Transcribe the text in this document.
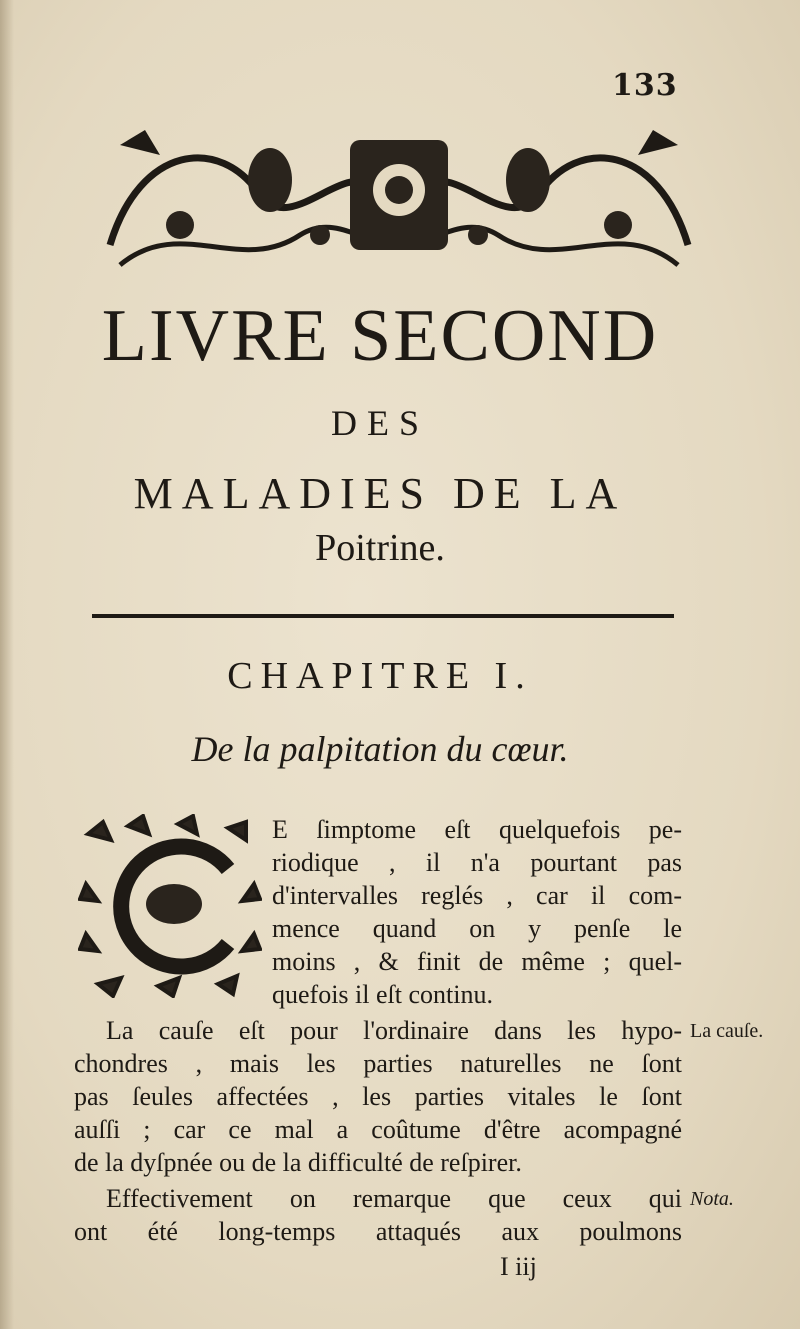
133
LIVRE SECOND
DES
MALADIES DE LA
Poitrine.
CHAPITRE I.
De la palpitation du cœur.
E ſimptome eſt quelquefois pe-
riodique , il n'a pourtant pas
d'intervalles reglés , car il com-
mence quand on y penſe le
moins , & finit de même ; quel-
quefois il eſt continu.
La cauſe eſt pour l'ordinaire dans les hypo-
chondres , mais les parties naturelles ne ſont
pas ſeules affectées , les parties vitales le ſont
auſſi ; car ce mal a coûtume d'être acompagné
de la dyſpnée ou de la difficulté de reſpirer.
Effectivement on remarque que ceux qui
ont été long-temps attaqués aux poulmons
La cauſe.
Nota.
I iij
